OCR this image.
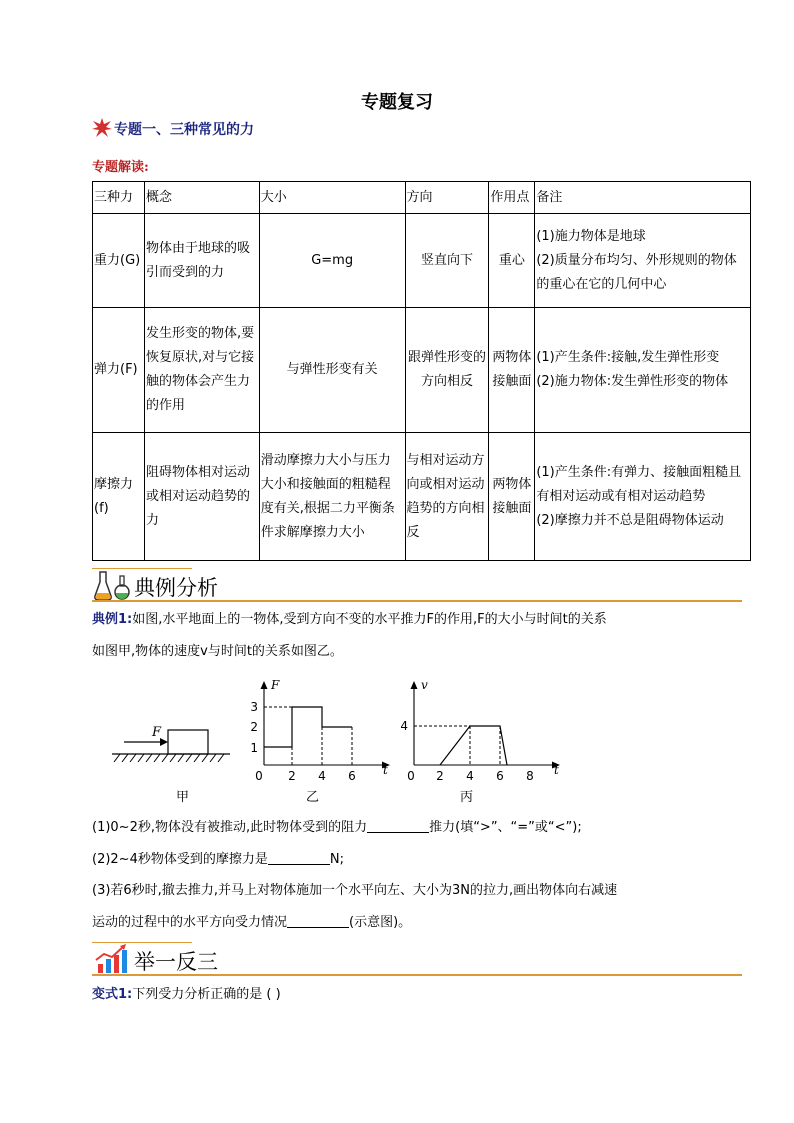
专题复习
专题一、三种常见的力
专题解读:
三种力	概念	大小	方向	作用点	备注
重力(G)	物体由于地球的吸引而受到的力	G=mg	竖直向下	重心	(1)施力物体是地球
(2)质量分布均匀、外形规则的物体的重心在它的几何中心

弹力(F)	发生形变的物体,要恢复原状,对与它接触的物体会产生力的作用	与弹性形变有关	跟弹性形变的方向相反	两物体接触面	(1)产生条件:接触,发生弹性形变
(2)施力物体:发生弹性形变的物体

摩擦力(f)	阻碍物体相对运动或相对运动趋势的力	滑动摩擦力大小与压力大小和接触面的粗糙程度有关,根据二力平衡条件求解摩擦力大小	与相对运动方向或相对运动趋势的方向相反	两物体接触面	(1)产生条件:有弹力、接触面粗糙且有相对运动或有相对运动趋势
(2)摩擦力并不总是阻碍物体运动
典例分析
典例1:如图,水平地面上的一物体,受到方向不变的水平推力F的作用,F的大小与时间t的关系
如图甲,物体的速度v与时间t的关系如图乙。
F
甲
F
t
0 2 4 6
1
2
3
乙
v
t
0 2 4 6 8
4
丙
(1)0~2秒,物体没有被推动,此时物体受到的阻力	推力(填“>”、“=”或“<”);
(2)2~4秒物体受到的摩擦力是	N;
(3)若6秒时,撤去推力,并马上对物体施加一个水平向左、大小为3N的拉力,画出物体向右减速
运动的过程中的水平方向受力情况	(示意图)。
举一反三
变式1:下列受力分析正确的是 ( )
